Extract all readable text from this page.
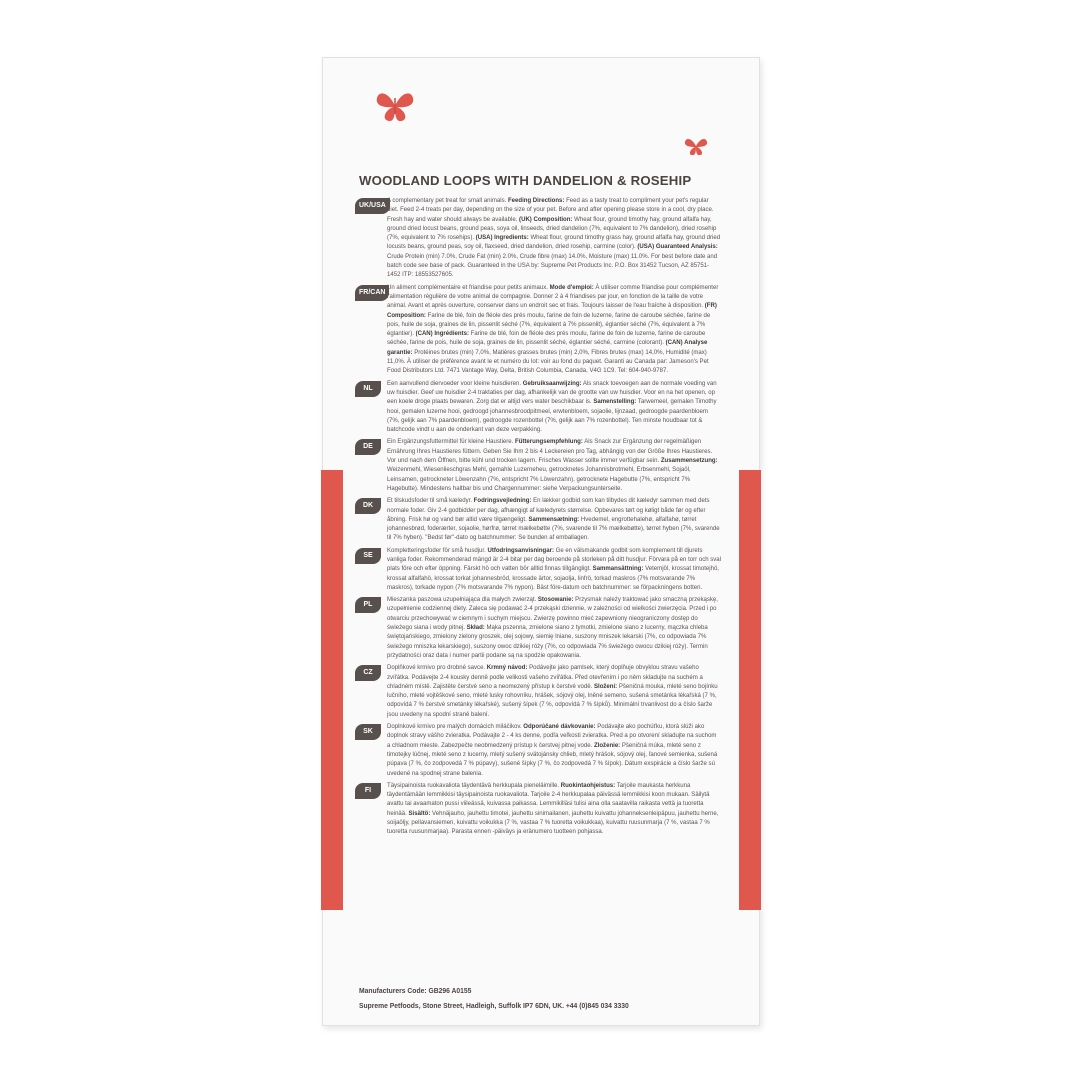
WOODLAND LOOPS WITH DANDELION & ROSEHIP
UK/USA
A complementary pet treat for small animals. Feeding Directions: Feed as a tasty treat to compliment your pet's regular diet. Feed 2-4 treats per day, depending on the size of your pet. Before and after opening please store in a cool, dry place. Fresh hay and water should always be available. (UK) Composition: Wheat flour, ground timothy hay, ground alfalfa hay, ground dried locust beans, ground peas, soya oil, linseeds, dried dandelion (7%, equivalent to 7% dandelion), dried rosehip (7%, equivalent to 7% rosehips). (USA) Ingredients: Wheat flour, ground timothy grass hay, ground alfalfa hay, ground dried locusts beans, ground peas, soy oil, flaxseed, dried dandelion, dried rosehip, carmine (color). (USA) Guaranteed Analysis: Crude Protein (min) 7.0%, Crude Fat (min) 2.0%, Crude fibre (max) 14.0%, Moisture (max) 11.0%. For best before date and batch code see base of pack. Guaranteed in the USA by: Supreme Pet Products Inc. P.O. Box 31452 Tucson, AZ 85751-1452 ITP: 18553527605.
FR/CAN
Un aliment complémentaire et friandise pour petits animaux. Mode d'emploi: À utiliser comme friandise pour complémenter l'alimentation régulière de votre animal de compagnie. Donner 2 à 4 friandises par jour, en fonction de la taille de votre animal. Avant et après ouverture, conserver dans un endroit sec et frais. Toujours laisser de l'eau fraîche à disposition. (FR) Composition: Farine de blé, foin de fléole des prés moulu, farine de foin de luzerne, farine de caroube séchée, farine de pois, huile de soja, graines de lin, pissenlit séché (7%, équivalent à 7% pissenlit), églantier séché (7%, équivalent à 7% églantier). (CAN) Ingrédients: Farine de blé, foin de fléole des prés moulu, farine de foin de luzerne, farine de caroube séchée, farine de pois, huile de soja, graines de lin, pissenlit séché, églantier séché, carmine (colorant). (CAN) Analyse garantie: Protéines brutes (min) 7,0%, Matières grasses brutes (min) 2,0%, Fibres brutes (max) 14,0%, Humidité (max) 11,0%. À utiliser de préférence avant le et numéro du lot: voir au fond du paquet. Garanti au Canada par: Jameson's Pet Food Distributors Ltd. 7471 Vantage Way, Delta, British Columbia, Canada, V4G 1C9. Tel: 604-940-9787.
NL
Een aanvullend diervoeder voor kleine huisdieren. Gebruiksaanwijzing: Als snack toevoegen aan de normale voeding van uw huisdier. Geef uw huisdier 2-4 traktaties per dag, afhankelijk van de grootte van uw huisdier. Voor en na het openen, op een koele droge plaats bewaren. Zorg dat er altijd vers water beschikbaar is. Samenstelling: Tarwemeel, gemalen Timothy hooi, gemalen luzerne hooi, gedroogd johannesbroodpitmeel, erwtenbloem, sojaolie, lijnzaad, gedroogde paardenbloem (7%, gelijk aan 7% paardenbloem), gedroogde rozenbottel (7%, gelijk aan 7% rozenbottel). Ten minste houdbaar tot & batchcode vindt u aan de onderkant van deze verpakking.
DE
Ein Ergänzungsfuttermittel für kleine Haustiere. Fütterungsempfehlung: Als Snack zur Ergänzung der regelmäßigen Ernährung Ihres Haustieres füttern. Geben Sie Ihm 2 bis 4 Leckereien pro Tag, abhängig von der Größe Ihres Haustieres. Vor und nach dem Öffnen, bitte kühl und trocken lagern. Frisches Wasser sollte immer verfügbar sein. Zusammensetzung: Weizenmehl, Wiesenlieschgras Mehl, gemahle Luzerneheu, getrocknetes Johannisbrotmehl, Erbsenmehl, Sojaöl, Leinsamen, getrockneter Löwenzahn (7%, entspricht 7% Löwenzahn), getrocknete Hagebutte (7%, entspricht 7% Hagebutte). Mindestens haltbar bis und Chargennummer: siehe Verpackungsunterseite.
DK
Et tilskudsfoder til små kæledyr. Fodringsvejledning: En lækker godbid som kan tilbydes dit kæledyr sammen med dets normale foder. Giv 2-4 godbidder per dag, afhængigt af kæledyrets størrelse. Opbevares tørt og køligt både før og efter åbning. Frisk hø og vand bør altid være tilgængeligt. Sammensætning: Hvedemel, engrottehalehø, alfalfahø, tørret johannesbrød, foderærter, sojaolie, hørfrø, tørret mælkebøtte (7%, svarende til 7% mælkebøtte), tørret hyben (7%, svarende til 7% hyben). "Bedst før"-dato og batchnummer: Se bunden af emballagen.
SE
Kompletteringsfoder för små husdjur. Utfodringsanvisningar: Ge en välsmakande godbit som komplement till djurets vanliga foder. Rekommenderad mängd är 2-4 bitar per dag beroende på storleken på ditt husdjur. Förvara på en torr och sval plats före och efter öppning. Färskt hö och vatten bör alltid finnas tillgängligt. Sammansättning: Vetemjöl, krossat timotejhö, krossat alfalfahö, krossat torkat johannesbröd, krossade ärtor, sojaolja, linfrö, torkad maskros (7% motsvarande 7% maskros), torkade nypon (7% motsvarande 7% nypon). Bäst före-datum och batchnummer: se förpackningens botten.
PL
Mieszanka paszowa uzupełniająca dla małych zwierząt. Stosowanie: Przysmak należy traktować jako smaczną przekąskę, uzupełnienie codziennej diety. Zaleca się podawać 2-4 przekąski dziennie, w zależności od wielkości zwierzęcia. Przed i po otwarciu przechowywać w ciemnym i suchym miejscu. Zwierzę powinno mieć zapewniony nieograniczony dostęp do świeżego siana i wody pitnej. Skład: Mąka pszenna, zmielone siano z tymotki, zmielone siano z lucerny, mączka chleba świętojańskiego, zmielony zielony groszek, olej sojowy, siemię lniane, suszony mniszek lekarski (7%, co odpowiada 7% świeżego mniszka lekarskiego), suszony owoc dzikiej róży (7%, co odpowiada 7% świeżego owocu dzikiej róży). Termin przydatności oraz data i numer partii podane są na spodzie opakowania.
CZ
Doplňkové krmivo pro drobné savce. Krmný návod: Podávejte jako pamlsek, který doplňuje obvyklou stravu vašeho zvířátka. Podávejte 2-4 kousky denně podle velikosti vašeho zvířátka. Před otevřením i po něm skladujte na suchém a chladném místě. Zajistěte čerstvé seno a neomezený přístup k čerstvé vodě. Složení: Pšeničná mouka, mleté seno bojínku lučního, mleté vojtěškové seno, mleté lusky rohovníku, hrášek, sójový olej, lněné semeno, sušená smetánka lékařská (7 %, odpovídá 7 % čerstvé smetánky lékařské), sušený šípek (7 %, odpovídá 7 % šípků). Minimální trvanlivost do a číslo šarže jsou uvedeny na spodní straně balení.
SK
Doplnkové krmivo pre malých domácich miláčikov. Odporúčané dávkovanie: Podávajte ako pochúťku, ktorá slúži ako doplnok stravy vášho zvieratka. Podávajte 2 - 4 ks denne, podľa veľkosti zvieratka. Pred a po otvorení skladujte na suchom a chladnom mieste. Zabezpečte neobmedzený prístup k čerstvej pitnej vode. Zloženie: Pšeničná múka, mleté seno z timotejky lúčnej, mleté seno z lucerny, mletý sušený svätojánsky chlieb, mletý hrášok, sójový olej, ľanové semienka, sušená púpava (7 %, čo zodpovedá 7 % púpavy), sušené šípky (7 %, čo zodpovedá 7 % šípok). Dátum exspirácie a číslo šarže sú uvedené na spodnej strane balenia.
FI
Täysipainoista ruokavaliota täydentävä herkkupala pieneläimille. Ruokintaohjeistus: Tarjoile maukasta herkkuna täydentämään lemmikkisi täysipainoista ruokavaliota. Tarjoile 2-4 herkkupalaa päivässä lemmikkisi koon mukaan. Säilytä avattu tai avaamaton pussi viileässä, kuivassa paikassa. Lemmikilläsi tulisi aina olla saatavilla raikasta vettä ja tuoretta heinää. Sisältö: Vehnäjauho, jauhettu timotei, jauhettu sinimailanen, jauhettu kuivattu johanneksenleipäpuu, jauhettu herne, soijaöljy, pellavansiemen, kuivattu voikukka (7 %, vastaa 7 % tuoretta voikukkaa), kuivattu ruusunmarja (7 %, vastaa 7 % tuoretta ruusunmarjaa). Parasta ennen -päiväys ja eränumero tuotteen pohjassa.
Manufacturers Code: GB296 A0155
Supreme Petfoods, Stone Street, Hadleigh, Suffolk IP7 6DN, UK. +44 (0)845 034 3330
